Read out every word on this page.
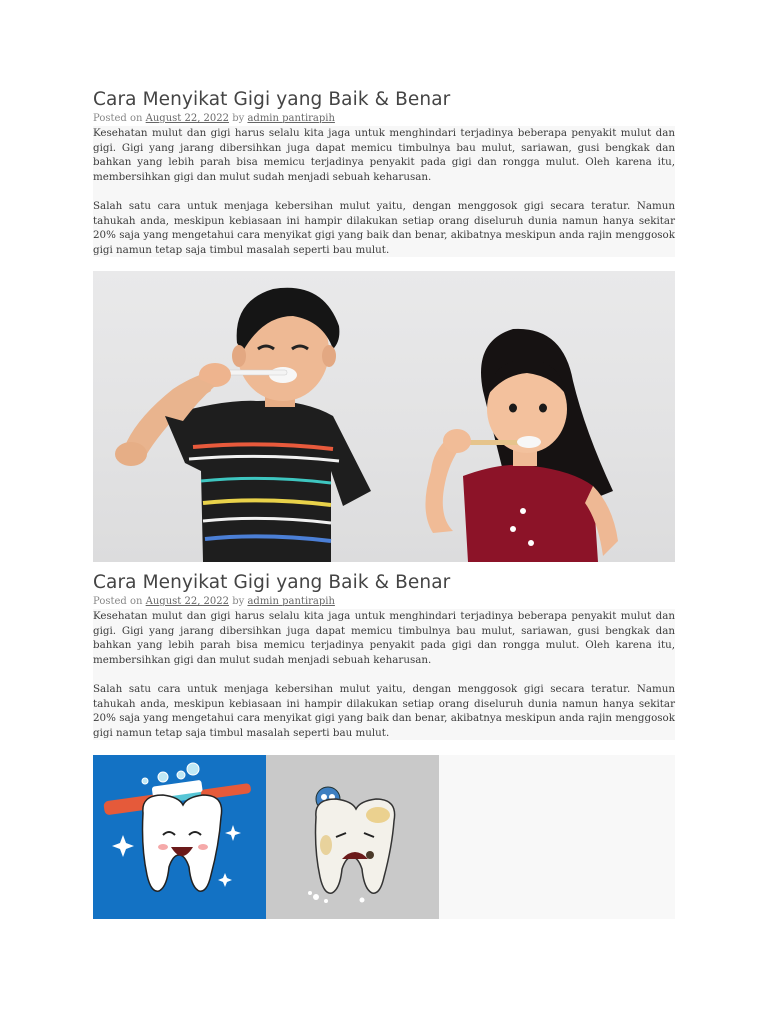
Cara Menyikat Gigi yang Baik & Benar
Posted on August 22, 2022 by admin pantirapih

Kesehatan mulut dan gigi harus selalu kita jaga untuk menghindari terjadinya beberapa penyakit mulut dan gigi. Gigi yang jarang dibersihkan juga dapat memicu timbulnya bau mulut, sariawan, gusi bengkak dan bahkan yang lebih parah bisa memicu terjadinya penyakit pada gigi dan rongga mulut. Oleh karena itu, membersihkan gigi dan mulut sudah menjadi sebuah keharusan.

Salah satu cara untuk menjaga kebersihan mulut yaitu, dengan menggosok gigi secara teratur. Namun tahukah anda, meskipun kebiasaan ini hampir dilakukan setiap orang diseluruh dunia namun hanya sekitar 20% saja yang mengetahui cara menyikat gigi yang baik dan benar, akibatnya meskipun anda rajin menggosok gigi namun tetap saja timbul masalah seperti bau mulut.

Cara Menyikat Gigi yang Baik & Benar
Posted on August 22, 2022 by admin pantirapih

Kesehatan mulut dan gigi harus selalu kita jaga untuk menghindari terjadinya beberapa penyakit mulut dan gigi. Gigi yang jarang dibersihkan juga dapat memicu timbulnya bau mulut, sariawan, gusi bengkak dan bahkan yang lebih parah bisa memicu terjadinya penyakit pada gigi dan rongga mulut. Oleh karena itu, membersihkan gigi dan mulut sudah menjadi sebuah keharusan.

Salah satu cara untuk menjaga kebersihan mulut yaitu, dengan menggosok gigi secara teratur. Namun tahukah anda, meskipun kebiasaan ini hampir dilakukan setiap orang diseluruh dunia namun hanya sekitar 20% saja yang mengetahui cara menyikat gigi yang baik dan benar, akibatnya meskipun anda rajin menggosok gigi namun tetap saja timbul masalah seperti bau mulut.
